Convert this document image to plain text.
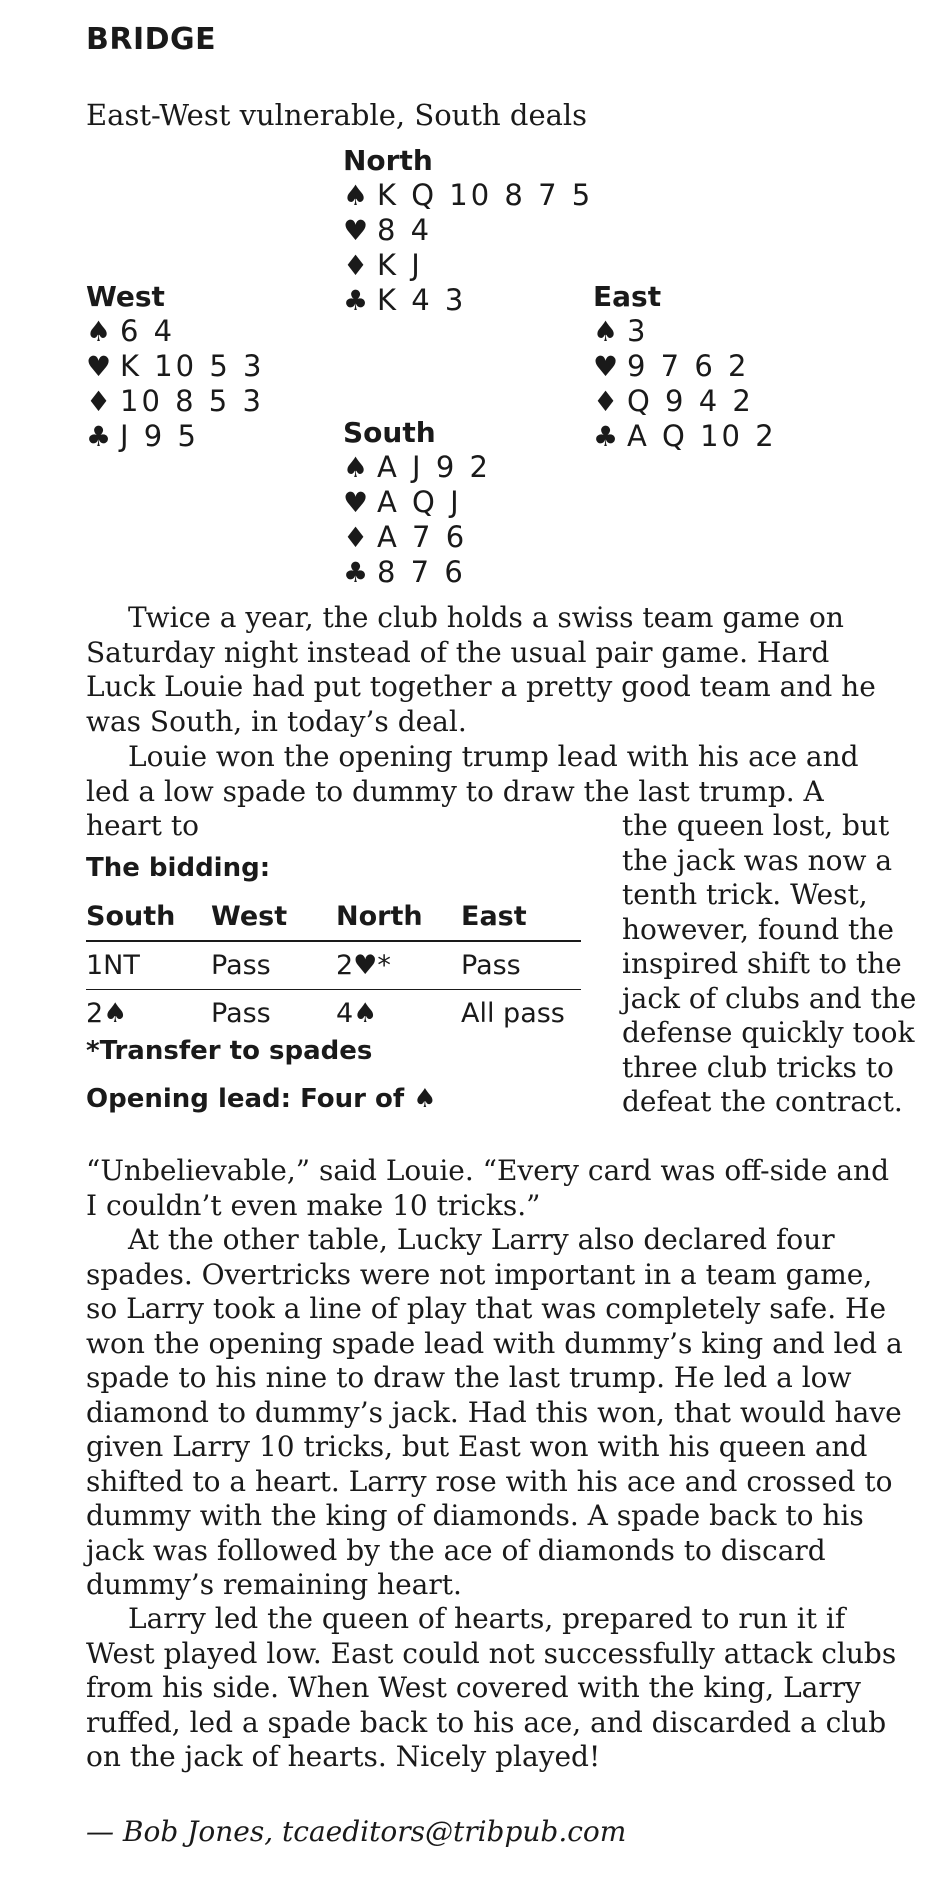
BRIDGE
East-West vulnerable, South deals
North
♠ K Q 10 8 7 5
♥ 8 4
♦ K J
♣ K 4 3
West
♠ 6 4
♥ K 10 5 3
♦ 10 8 5 3
♣ J 9 5
East
♠ 3
♥ 9 7 6 2
♦ Q 9 4 2
♣ A Q 10 2
South
♠ A J 9 2
♥ A Q J
♦ A 7 6
♣ 8 7 6

Twice a year, the club holds a swiss team game on Saturday night instead of the usual pair game. Hard Luck Louie had put together a pretty good team and he was South, in today’s deal.

Louie won the opening trump lead with his ace and led a low spade to dummy to draw the last trump. A heart to	the queen lost, but the jack was now a tenth trick. West, however, found the inspired shift to the jack of clubs and the defense quickly took three club tricks to defeat the contract.

The bidding:
South	West	North	East
1NT	Pass	2♥*	Pass
2♠	Pass	4♠	All pass
*Transfer to spades
Opening lead: Four of ♠

“Unbelievable,” said Louie. “Every card was off-side and I couldn’t even make 10 tricks.”

At the other table, Lucky Larry also declared four spades. Overtricks were not important in a team game, so Larry took a line of play that was completely safe. He won the opening spade lead with dummy’s king and led a spade to his nine to draw the last trump. He led a low diamond to dummy’s jack. Had this won, that would have given Larry 10 tricks, but East won with his queen and shifted to a heart. Larry rose with his ace and crossed to dummy with the king of diamonds. A spade back to his jack was followed by the ace of diamonds to discard dummy’s remaining heart.

Larry led the queen of hearts, prepared to run it if West played low. East could not successfully attack clubs from his side. When West covered with the king, Larry ruffed, led a spade back to his ace, and discarded a club on the jack of hearts. Nicely played!

— Bob Jones, tcaeditors@tribpub.com
